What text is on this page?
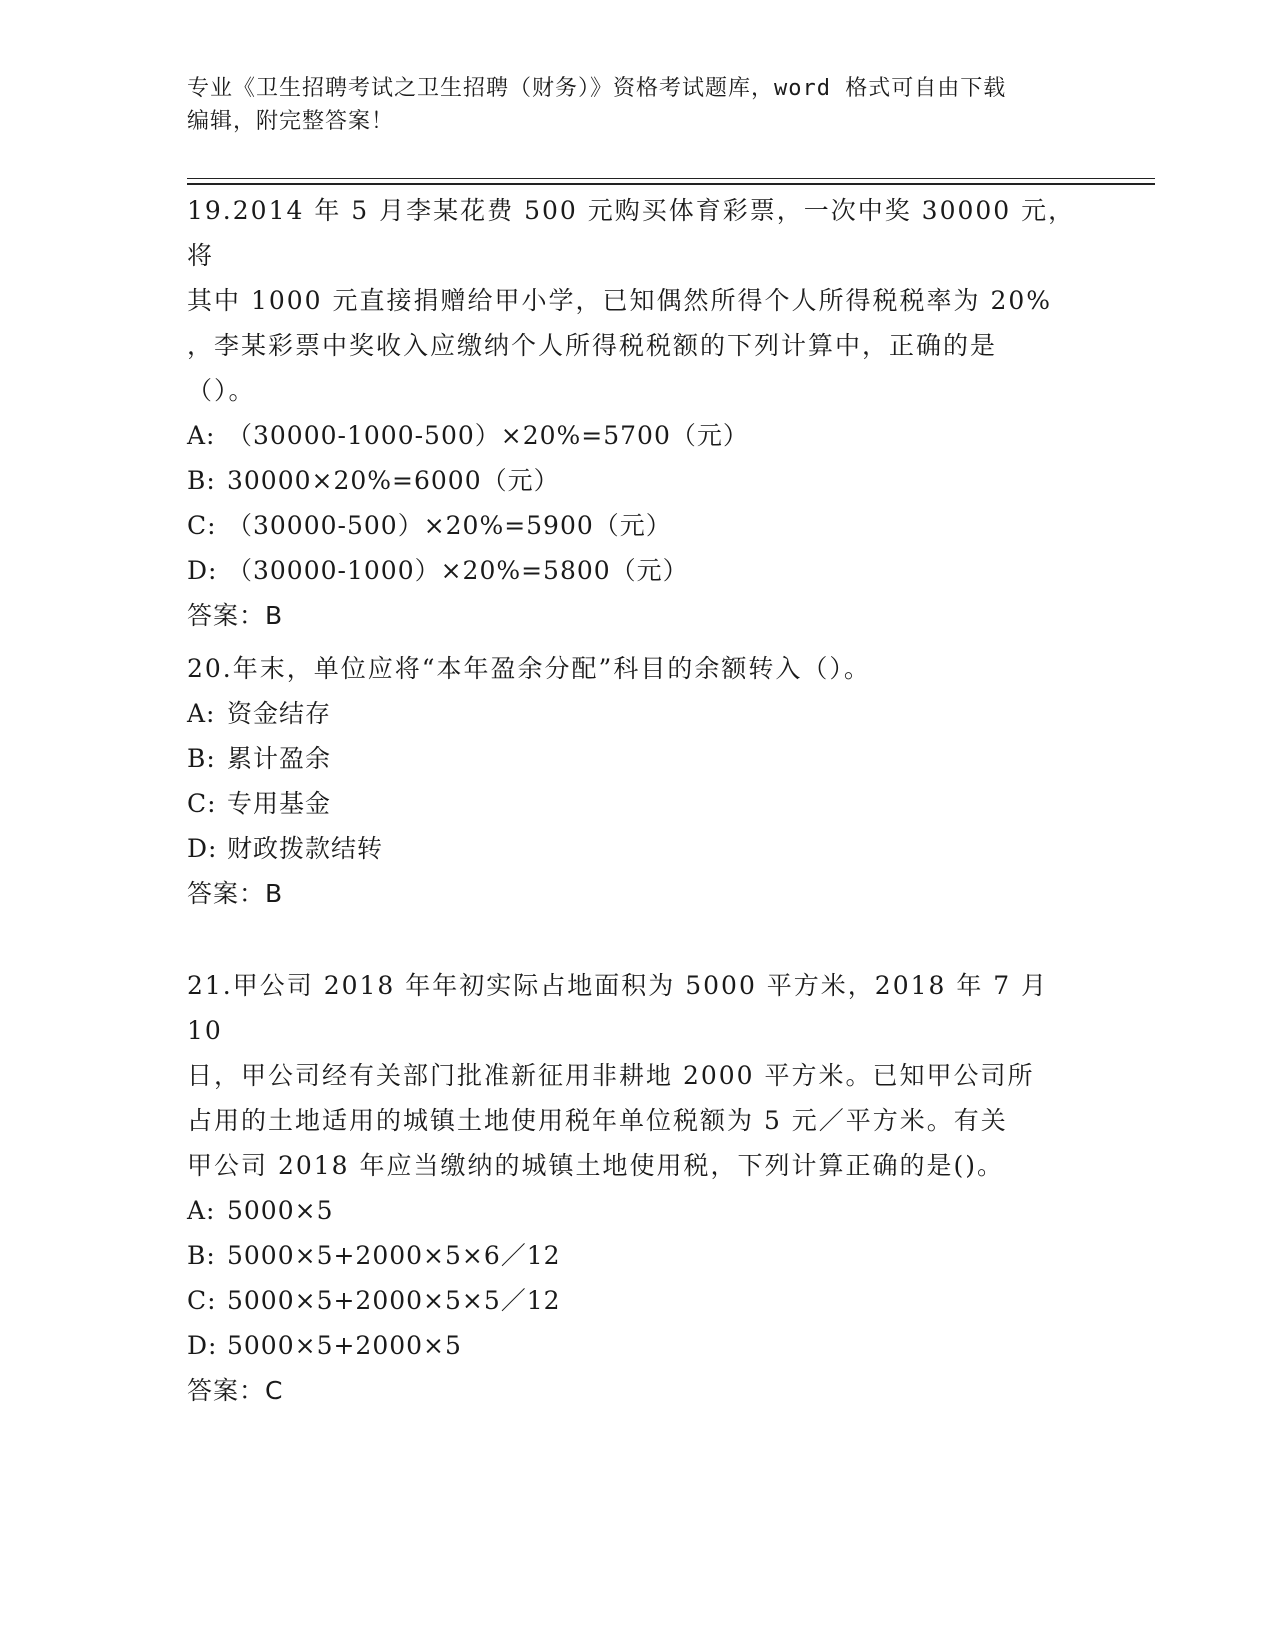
专业《卫生招聘考试之卫生招聘（财务）》资格考试题库，word 格式可自由下载
编辑，附完整答案！

19.2014 年 5 月李某花费 500 元购买体育彩票，一次中奖 30000 元，将

其中 1000 元直接捐赠给甲小学，已知偶然所得个人所得税税率为 20%

，李某彩票中奖收入应缴纳个人所得税税额的下列计算中，正确的是

（）。

A: （30000-1000-500）×20%=5700（元）

B: 30000×20%=6000（元）

C: （30000-500）×20%=5900（元）

D: （30000-1000）×20%=5800（元）

答案：B

20.年末，单位应将“本年盈余分配”科目的余额转入（）。

A: 资金结存

B: 累计盈余

C: 专用基金

D: 财政拨款结转

答案：B

21.甲公司 2018 年年初实际占地面积为 5000 平方米，2018 年 7 月 10

日，甲公司经有关部门批准新征用非耕地 2000 平方米。已知甲公司所

占用的土地适用的城镇土地使用税年单位税额为 5 元／平方米。有关

甲公司 2018 年应当缴纳的城镇土地使用税，下列计算正确的是()。

A: 5000×5

B: 5000×5+2000×5×6／12

C: 5000×5+2000×5×5／12

D: 5000×5+2000×5

答案：C
